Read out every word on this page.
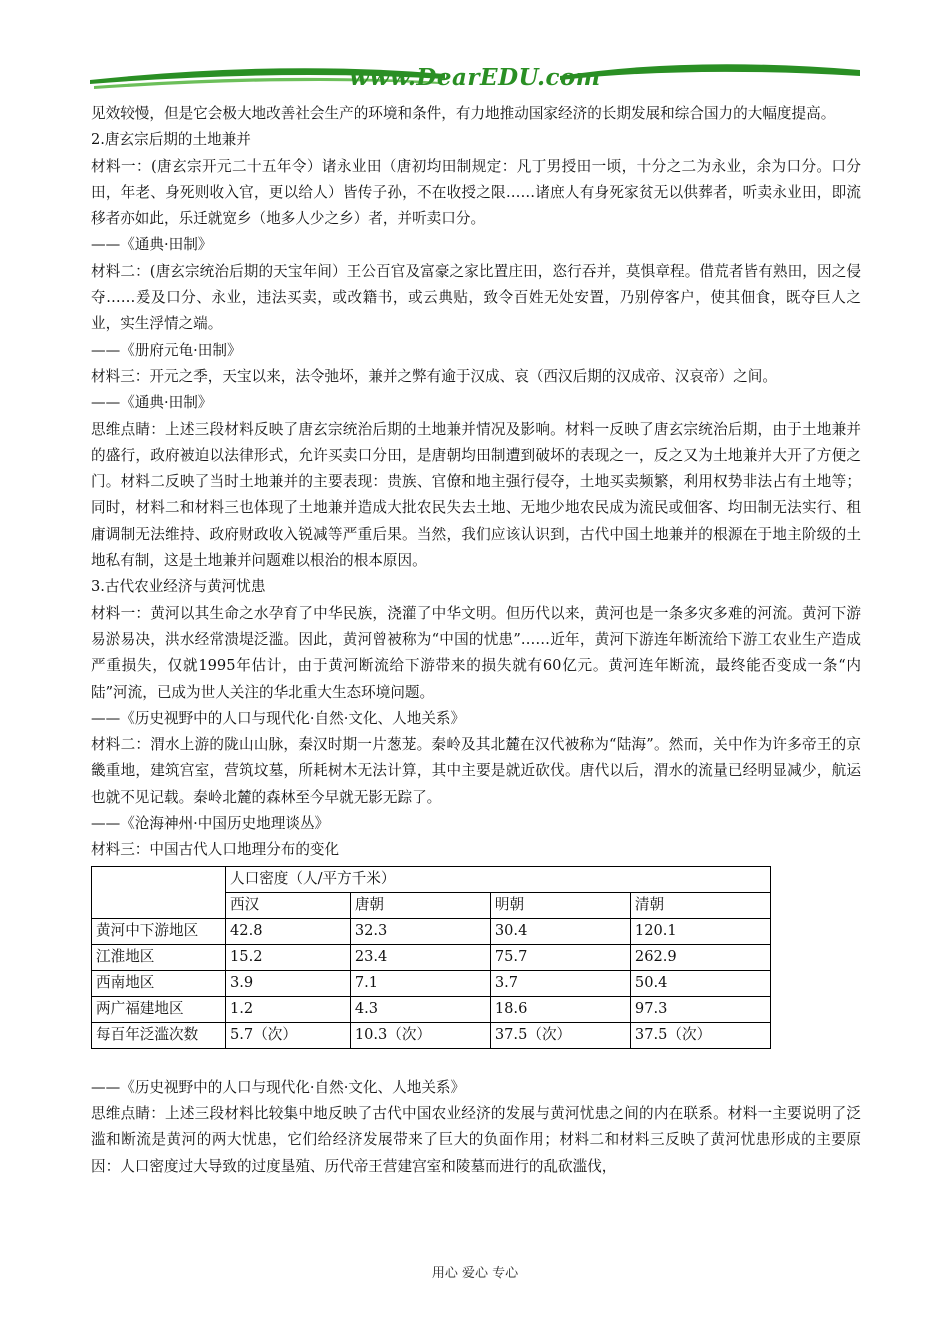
www.DearEDU.com

见效较慢，但是它会极大地改善社会生产的环境和条件，有力地推动国家经济的长期发展和综合国力的大幅度提高。

2.唐玄宗后期的土地兼并

材料一：(唐玄宗开元二十五年令）诸永业田（唐初均田制规定：凡丁男授田一顷，十分之二为永业，余为口分。口分田，年老、身死则收入官，更以给人）皆传子孙，不在收授之限……诸庶人有身死家贫无以供葬者，听卖永业田，即流移者亦如此，乐迁就宽乡（地多人少之乡）者，并听卖口分。

——《通典·田制》

材料二：(唐玄宗统治后期的天宝年间）王公百官及富豪之家比置庄田，恣行吞并，莫惧章程。借荒者皆有熟田，因之侵夺……爰及口分、永业，违法买卖，或改籍书，或云典贴，致令百姓无处安置，乃别停客户，使其佃食，既夺巨人之业，实生浮情之端。

——《册府元龟·田制》

材料三：开元之季，天宝以来，法令弛坏，兼并之弊有逾于汉成、哀（西汉后期的汉成帝、汉哀帝）之间。

——《通典·田制》

思维点睛：上述三段材料反映了唐玄宗统治后期的土地兼并情况及影响。材料一反映了唐玄宗统治后期，由于土地兼并的盛行，政府被迫以法律形式，允许买卖口分田，是唐朝均田制遭到破坏的表现之一，反之又为土地兼并大开了方便之门。材料二反映了当时土地兼并的主要表现：贵族、官僚和地主强行侵夺，土地买卖频繁，利用权势非法占有土地等；同时，材料二和材料三也体现了土地兼并造成大批农民失去土地、无地少地农民成为流民或佃客、均田制无法实行、租庸调制无法维持、政府财政收入锐减等严重后果。当然，我们应该认识到，古代中国土地兼并的根源在于地主阶级的土地私有制，这是土地兼并问题难以根治的根本原因。

3.古代农业经济与黄河忧患

材料一：黄河以其生命之水孕育了中华民族，浇灌了中华文明。但历代以来，黄河也是一条多灾多难的河流。黄河下游易淤易决，洪水经常溃堤泛滥。因此，黄河曾被称为“中国的忧患”……近年，黄河下游连年断流给下游工农业生产造成严重损失，仅就1995年估计，由于黄河断流给下游带来的损失就有60亿元。黄河连年断流，最终能否变成一条“内陆”河流，已成为世人关注的华北重大生态环境问题。

——《历史视野中的人口与现代化·自然·文化、人地关系》

材料二：渭水上游的陇山山脉，秦汉时期一片葱茏。秦岭及其北麓在汉代被称为“陆海”。然而，关中作为许多帝王的京畿重地，建筑宫室，营筑坟墓，所耗树木无法计算，其中主要是就近砍伐。唐代以后，渭水的流量已经明显减少，航运也就不见记载。秦岭北麓的森林至今早就无影无踪了。

——《沧海神州·中国历史地理谈丛》

材料三：中国古代人口地理分布的变化

	人口密度（人/平方千米）			
	西汉	唐朝	明朝	清朝
黄河中下游地区	42.8	32.3	30.4	120.1
江淮地区	15.2	23.4	75.7	262.9
西南地区	3.9	7.1	3.7	50.4
两广福建地区	1.2	4.3	18.6	97.3
每百年泛滥次数	5.7（次）	10.3（次）	37.5（次）	37.5（次）

——《历史视野中的人口与现代化·自然·文化、人地关系》

思维点睛：上述三段材料比较集中地反映了古代中国农业经济的发展与黄河忧患之间的内在联系。材料一主要说明了泛滥和断流是黄河的两大忧患，它们给经济发展带来了巨大的负面作用；材料二和材料三反映了黄河忧患形成的主要原因：人口密度过大导致的过度垦殖、历代帝王营建宫室和陵墓而进行的乱砍滥伐，

用心 爱心 专心
